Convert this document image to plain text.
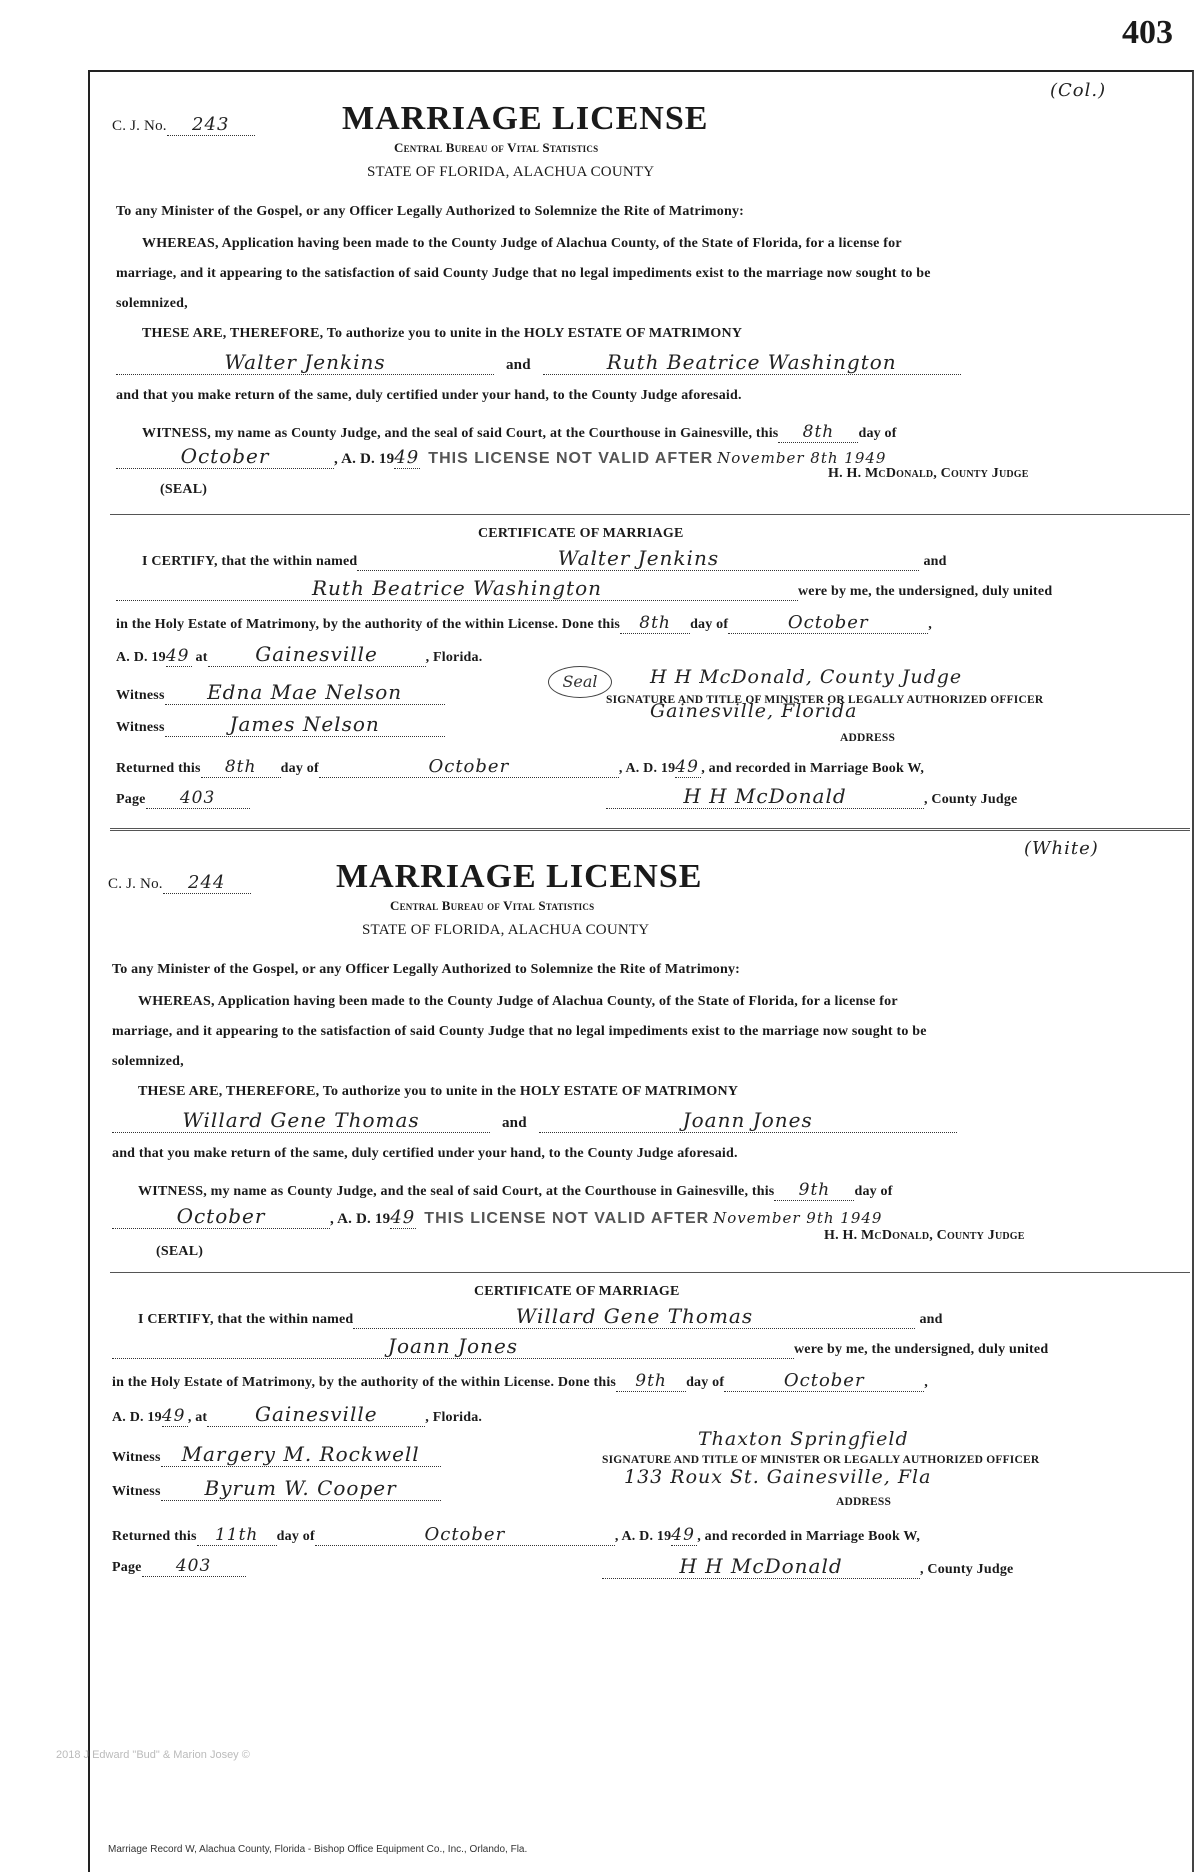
403
(Col.)
C. J. No. 243	MARRIAGE LICENSE
Central Bureau of Vital Statistics
STATE OF FLORIDA, ALACHUA COUNTY
To any Minister of the Gospel, or any Officer Legally Authorized to Solemnize the Rite of Matrimony:
WHEREAS, Application having been made to the County Judge of Alachua County, of the State of Florida, for a license for
marriage, and it appearing to the satisfaction of said County Judge that no legal impediments exist to the marriage now sought to be
solemnized,
THESE ARE, THEREFORE, To authorize you to unite in the HOLY ESTATE OF MATRIMONY
Walter Jenkins	and	Ruth Beatrice Washington
and that you make return of the same, duly certified under your hand, to the County Judge aforesaid.
WITNESS, my name as County Judge, and the seal of said Court, at the Courthouse in Gainesville, this 8th day of
October	, A. D. 1949 THIS LICENSE NOT VALID AFTER November 8th 1949
H. H. McDonald, County Judge
(SEAL)
CERTIFICATE OF MARRIAGE
I CERTIFY, that the within named	Walter Jenkins	and
Ruth Beatrice Washington	were by me, the undersigned, duly united
in the Holy Estate of Matrimony, by the authority of the within License. Done this 8th day of	October	,
A. D. 1949 at Gainesville	, Florida.
Witness Edna Mae Nelson	Seal	H H McDonald, County Judge
SIGNATURE AND TITLE OF MINISTER OR LEGALLY AUTHORIZED OFFICER
Witness	James Nelson
Gainesville, Florida
ADDRESS
Returned this 8th day of	October	, A. D. 1949 , and recorded in Marriage Book W,
Page 403	H H McDonald	, County Judge
(White)
C. J. No. 244	MARRIAGE LICENSE
Central Bureau of Vital Statistics
STATE OF FLORIDA, ALACHUA COUNTY
To any Minister of the Gospel, or any Officer Legally Authorized to Solemnize the Rite of Matrimony:
WHEREAS, Application having been made to the County Judge of Alachua County, of the State of Florida, for a license for
marriage, and it appearing to the satisfaction of said County Judge that no legal impediments exist to the marriage now sought to be
solemnized,
THESE ARE, THEREFORE, To authorize you to unite in the HOLY ESTATE OF MATRIMONY
Willard Gene Thomas	and	Joann Jones
and that you make return of the same, duly certified under your hand, to the County Judge aforesaid.
WITNESS, my name as County Judge, and the seal of said Court, at the Courthouse in Gainesville, this 9th day of
October	, A. D. 1949 THIS LICENSE NOT VALID AFTER November 9th 1949
H. H. McDonald, County Judge
(SEAL)
CERTIFICATE OF MARRIAGE
I CERTIFY, that the within named	Willard Gene Thomas	and
Joann Jones	were by me, the undersigned, duly united
in the Holy Estate of Matrimony, by the authority of the within License. Done this 9th day of	October	,
A. D. 1949 , at Gainesville	, Florida.
Thaxton Springfield
Witness Margery M. Rockwell	SIGNATURE AND TITLE OF MINISTER OR LEGALLY AUTHORIZED OFFICER
Witness Byrum W. Cooper	133 Roux St. Gainesville, Fla
ADDRESS
Returned this 11th day of	October	, A. D. 1949 , and recorded in Marriage Book W,
Page 403	H H McDonald	, County Judge
Marriage Record W, Alachua County, Florida - Bishop Office Equipment Co., Inc., Orlando, Fla.
2018 J Edward "Bud" & Marion Josey ©
